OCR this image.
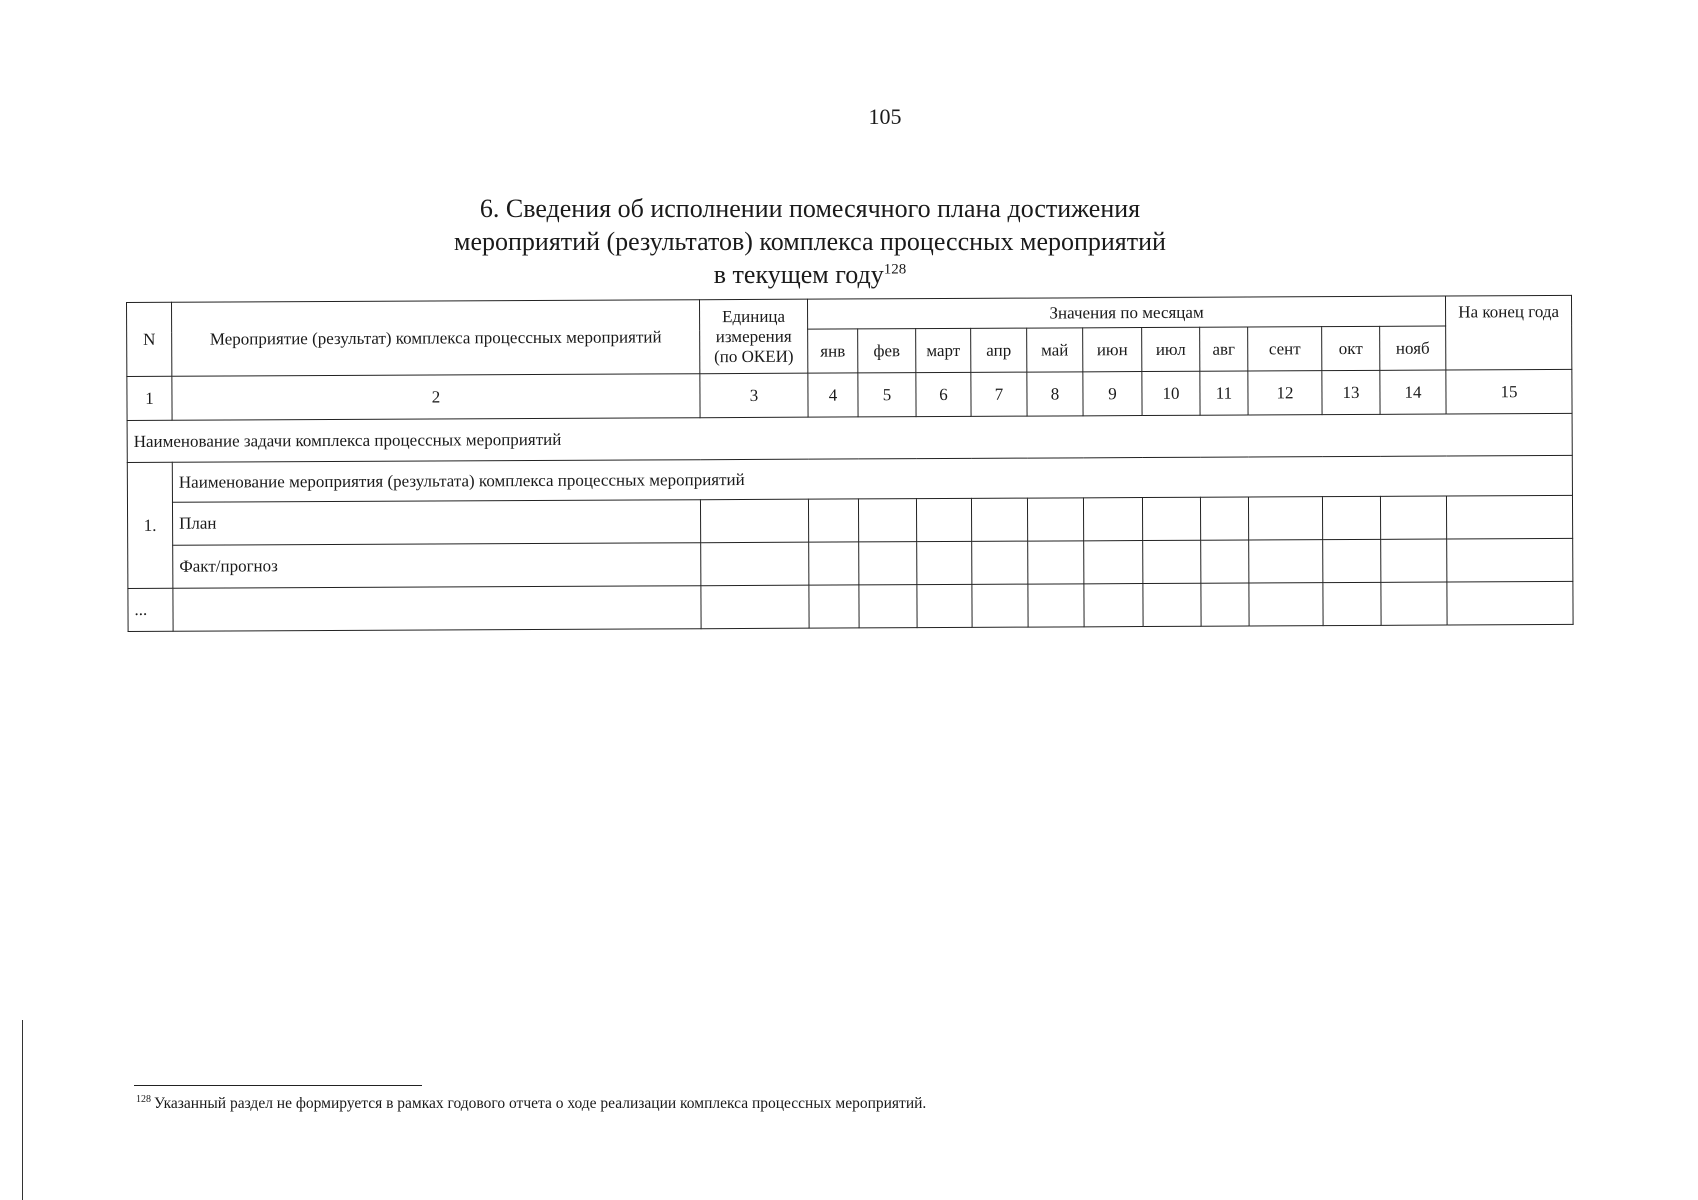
105
6. Сведения об исполнении помесячного плана достижения
мероприятий (результатов) комплекса процессных мероприятий
в текущем году$^{128}$
N	Мероприятие (результат) комплекса процессных мероприятий	Единица измерения (по ОКЕИ)	Значения по месяцам											На конец года
			янв	фев	март	апр	май	июн	июл	авг	сент	окт	нояб	
1	2	3	4	5	6	7	8	9	10	11	12	13	14	15
Наименование задачи комплекса процессных мероприятий														
1.	Наименование мероприятия (результата) комплекса процессных мероприятий													
	План													
	Факт/прогноз													
...														
$^{128}$ Указанный раздел не формируется в рамках годового отчета о ходе реализации комплекса процессных мероприятий.
